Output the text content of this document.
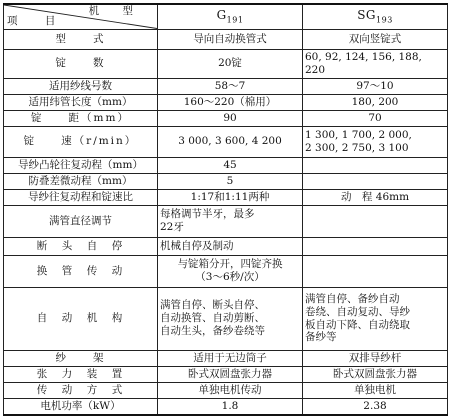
机 型
项 目	$G_{191}$	$SG_{193}$
型　　式	导向自动换管式	双向竖锭式
锭　　数	20锭	60, 92, 124, 156, 188,
220

适用纱线号数	58～7	97～10
适用纬管长度（mm）	160～220（棉用）	180, 200
锭　　距（mm）	90	70
锭　　速（r/min）	3 000, 3 600, 4 200	1 300, 1 700, 2 000,
2 300, 2 750, 3 100

导纱凸轮往复动程（mm）	45	
防叠差微动程（mm）	5	
导纱往复动程和锭速比	1:17和1:11两种	动　程 46mm
满管直径调节	每格调节半牙，最多
22牙	

断　头　自　停	机械自停及制动	
换　管　传　动	与锭箱分开，四锭齐换
（3～6秒/次）	

自　动　机　构	满管自停、断头自停、
自动换管、自动剪断、
自动生头，备纱卷绕等	满管自停、备纱自动
卷绕、自动复动、导纱
板自动下降、自动绕取
备纱等

纱　　架	适用于无边筒子	双排导纱杆
张　力　装　置	卧式双圆盘张力器	卧式双圆盘张力器
传　动　方　式	单独电机传动	单独电机
电机功率（kW）	1.8	2.38
